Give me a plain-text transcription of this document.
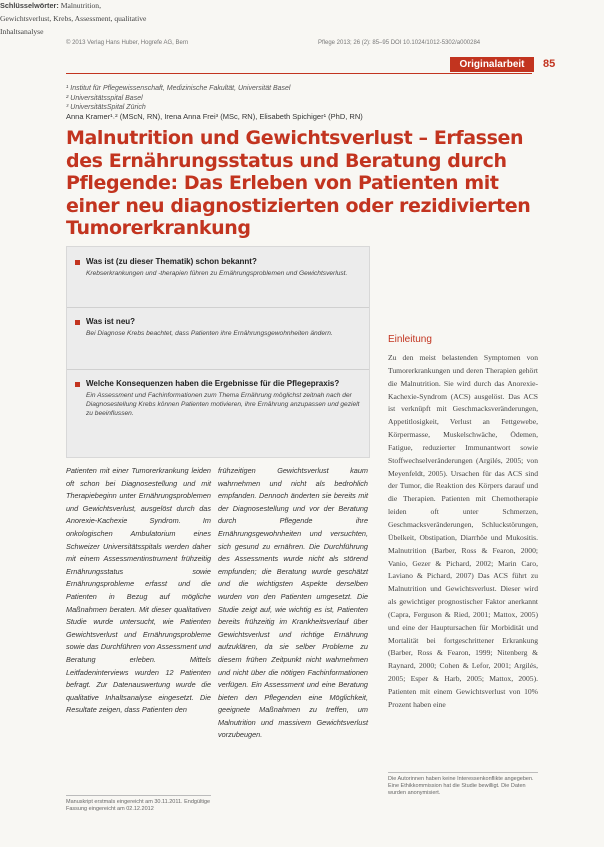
© 2013 Verlag Hans Huber, Hogrefe AG, Bern	Pflege 2013; 26 (2): 85–95 DOI 10.1024/1012-5302/a000284
Originalarbeit	85
¹ Institut für Pflegewissenschaft, Medizinische Fakultät, Universität Basel
² Universitätsspital Basel
³ UniversitätsSpital Zürich
Anna Kramer¹˒² (MScN, RN), Irena Anna Frei³ (MSc, RN), Elisabeth Spichiger¹ (PhD, RN)
Malnutrition und Gewichtsverlust – Erfassen des Ernährungsstatus und Beratung durch Pflegende: Das Erleben von Patienten mit einer neu diagnostizierten oder rezidivierten Tumorerkrankung
Was ist (zu dieser Thematik) schon bekannt?
Krebserkrankungen und -therapien führen zu Ernährungsproblemen und Gewichtsverlust.
Was ist neu?
Bei Diagnose Krebs beachtet, dass Patienten ihre Ernährungsgewohnheiten ändern.
Welche Konsequenzen haben die Ergebnisse für die Pflegepraxis?
Ein Assessment und Fachinformationen zum Thema Ernährung möglichst zeitnah nach der Diagnosestellung Krebs können Patienten motivieren, ihre Ernährung anzupassen und gezielt zu beeinflussen.
Patienten mit einer Tumorerkrankung leiden oft schon bei Diagnosestellung und mit Therapiebeginn unter Ernährungsproblemen und Gewichtsverlust, ausgelöst durch das Anorexie-Kachexie Syndrom. Im onkologischen Ambulatorium eines Schweizer Universitätsspitals werden daher mit einem Assessmentinstrument frühzeitig Ernährungsstatus sowie Ernährungsprobleme erfasst und die Patienten in Bezug auf mögliche Maßnahmen beraten. Mit dieser qualitativen Studie wurde untersucht, wie Patienten Gewichtsverlust und Ernährungsprobleme sowie das Durchführen von Assessment und Beratung erleben. Mittels Leitfadeninterviews wurden 12 Patienten befragt. Zur Datenauswertung wurde die qualitative Inhaltsanalyse eingesetzt. Die Resultate zeigen, dass Patienten den
frühzeitigen Gewichtsverlust kaum wahrnehmen und nicht als bedrohlich empfanden. Dennoch änderten sie bereits mit der Diagnosestellung und vor der Beratung durch Pflegende ihre Ernährungsgewohnheiten und versuchten, sich gesund zu ernähren. Die Durchführung des Assessments wurde nicht als störend empfunden; die Beratung wurde geschätzt und die wichtigsten Aspekte derselben wurden von den Patienten umgesetzt. Die Studie zeigt auf, wie wichtig es ist, Patienten bereits frühzeitig im Krankheitsverlauf über Gewichtsverlust und richtige Ernährung aufzuklären, da sie selber Probleme zu diesem frühen Zeitpunkt nicht wahrnehmen und nicht über die nötigen Fachinformationen verfügen. Ein Assessment und eine Beratung bieten den Pflegenden eine Möglichkeit, geeignete Maßnahmen zu treffen, um Malnutrition und massivem Gewichtsverlust vorzubeugen.
Schlüsselwörter: Malnutrition, Gewichtsverlust, Krebs, Assessment, qualitative Inhaltsanalyse
Einleitung
Zu den meist belastenden Symptomen von Tumorerkrankungen und deren Therapien gehört die Malnutrition. Sie wird durch das Anorexie-Kachexie-Syndrom (ACS) ausgelöst. Das ACS ist verknüpft mit Geschmacksveränderungen, Appetitlosigkeit, Verlust an Fettgewebe, Körpermasse, Muskelschwäche, Ödemen, Fatigue, reduzierter Immunantwort sowie Stoffwechselveränderungen (Argilés, 2005; von Meyenfeldt, 2005). Ursachen für das ACS sind der Tumor, die Reaktion des Körpers darauf und die Therapien. Patienten mit Chemotherapie leiden oft unter Schmerzen, Geschmacksveränderungen, Schluckstörungen, Übelkeit, Obstipation, Diarrhöe und Mukositis. Malnutrition (Barber, Ross & Fearon, 2000; Vanio, Gezer & Pichard, 2002; Marin Caro, Laviano & Pichard, 2007) Das ACS führt zu Malnutrition und Gewichtsverlust. Dieser wird als gewichtiger prognostischer Faktor anerkannt (Capra, Ferguson & Ried, 2001; Mattox, 2005) und eine der Hauptursachen für Morbidität und Mortalität bei fortgeschrittener Erkrankung (Barber, Ross & Fearon, 1999; Nitenberg & Raynard, 2000; Cohen & Lefor, 2001; Argilés, 2005; Esper & Harb, 2005; Mattox, 2005). Patienten mit einem Gewichtsverlust von 10% Prozent haben eine
Manuskript erstmals eingereicht am 30.11.2011. Endgültige Fassung eingereicht am 02.12.2012
Die Autorinnen haben keine Interessenkonflikte angegeben. Eine Ethikkommission hat die Studie bewilligt. Die Daten wurden anonymisiert.
